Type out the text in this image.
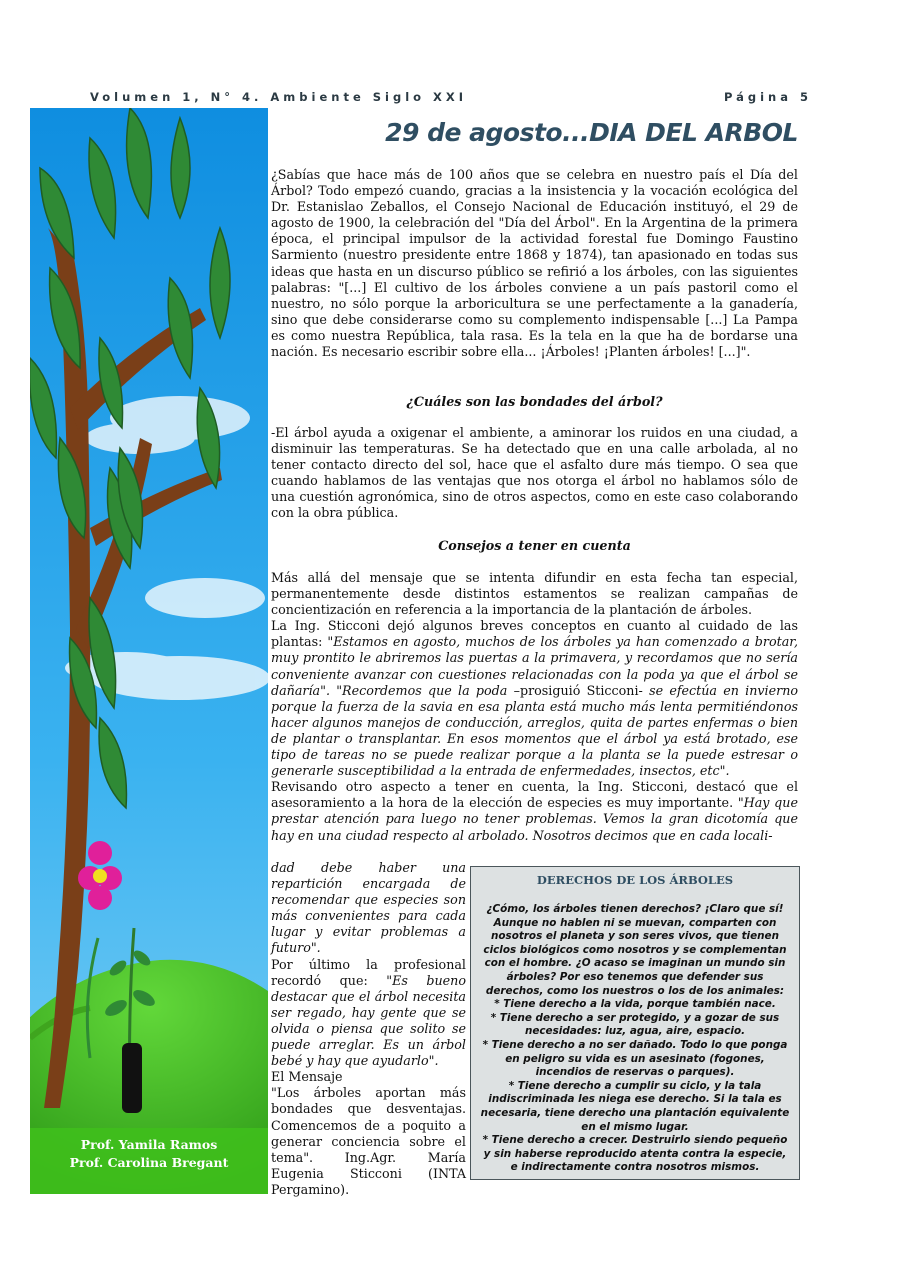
Volumen 1, N° 4. Ambiente Siglo XXI	Página 5
Prof. Yamila Ramos
Prof. Carolina Bregant
29 de agosto...DIA DEL ARBOL

¿Sabías que hace más de 100 años que se celebra en nuestro país el Día del Árbol? Todo empezó cuando, gracias a la insistencia y la vocación ecológica del Dr. Estanislao Zeballos, el Consejo Nacional de Educación instituyó, el 29 de agosto de 1900, la celebración del "Día del Árbol". En la Argentina de la primera época, el principal impulsor de la actividad forestal fue Domingo Faustino Sarmiento (nuestro presidente entre 1868 y 1874), tan apasionado en todas sus ideas que hasta en un discurso público se refirió a los árboles, con las siguientes palabras: "[...] El cultivo de los árboles conviene a un país pastoril como el nuestro, no sólo porque la arboricultura se une perfectamente a la ganadería, sino que debe considerarse como su complemento indispensable [...] La Pampa es como nuestra República, tala rasa. Es la tela en la que ha de bordarse una nación. Es necesario escribir sobre ella... ¡Árboles! ¡Planten árboles! [...]".

¿Cuáles son las bondades del árbol?

-El árbol ayuda a oxigenar el ambiente, a aminorar los ruidos en una ciudad, a disminuir las temperaturas. Se ha detectado que en una calle arbolada, al no tener contacto directo del sol, hace que el asfalto dure más tiempo. O sea que cuando hablamos de las ventajas que nos otorga el árbol no hablamos sólo de una cuestión agronómica, sino de otros aspectos, como en este caso colaborando con la obra pública.

Consejos a tener en cuenta

Más allá del mensaje que se intenta difundir en esta fecha tan especial, permanentemente desde distintos estamentos se realizan campañas de concientización en referencia a la importancia de la plantación de árboles.

La Ing. Sticconi dejó algunos breves conceptos en cuanto al cuidado de las plantas: "Estamos en agosto, muchos de los árboles ya han comenzado a brotar, muy prontito le abriremos las puertas a la primavera, y recordamos que no sería conveniente avanzar con cuestiones relacionadas con la poda ya que el árbol se dañaría". "Recordemos que la poda –prosiguió Sticconi- se efectúa en invierno porque la fuerza de la savia en esa planta está mucho más lenta permitiéndonos hacer algunos manejos de conducción, arreglos, quita de partes enfermas o bien de plantar o transplantar. En esos momentos que el árbol ya está brotado, ese tipo de tareas no se puede realizar porque a la planta se la puede estresar o generarle susceptibilidad a la entrada de enfermedades, insectos, etc".

Revisando otro aspecto a tener en cuenta, la Ing. Sticconi, destacó que el asesoramiento a la hora de la elección de especies es muy importante. "Hay que prestar atención para luego no tener problemas. Vemos la gran dicotomía que hay en una ciudad respecto al arbolado. Nosotros decimos que en cada locali-

dad debe haber una repartición encargada de recomendar que especies son más convenientes para cada lugar y evitar problemas a futuro".

Por último la profesional recordó que: "Es bueno destacar que el árbol necesita ser regado, hay gente que se olvida o piensa que solito se puede arreglar. Es un árbol bebé y hay que ayudarlo".

El Mensaje

"Los árboles aportan más bondades que desventajas. Comencemos de a poquito a generar conciencia sobre el tema". Ing.Agr. María Eugenia Sticconi (INTA Pergamino).

DERECHOS DE LOS ÁRBOLES

¿Cómo, los árboles tienen derechos? ¡Claro que sí! Aunque no hablen ni se muevan, comparten con nosotros el planeta y son seres vivos, que tienen ciclos biológicos como nosotros y se complementan con el hombre. ¿O acaso se imaginan un mundo sin árboles? Por eso tenemos que defender sus derechos, como los nuestros o los de los animales:

* Tiene derecho a la vida, porque también nace.

* Tiene derecho a ser protegido, y a gozar de sus necesidades: luz, agua, aire, espacio.

* Tiene derecho a no ser dañado. Todo lo que ponga en peligro su vida es un asesinato (fogones, incendios de reservas o parques).

* Tiene derecho a cumplir su ciclo, y la tala indiscriminada les niega ese derecho. Si la tala es necesaria, tiene derecho una plantación equivalente en el mismo lugar.

* Tiene derecho a crecer. Destruirlo siendo pequeño y sin haberse reproducido atenta contra la especie, e indirectamente contra nosotros mismos.
